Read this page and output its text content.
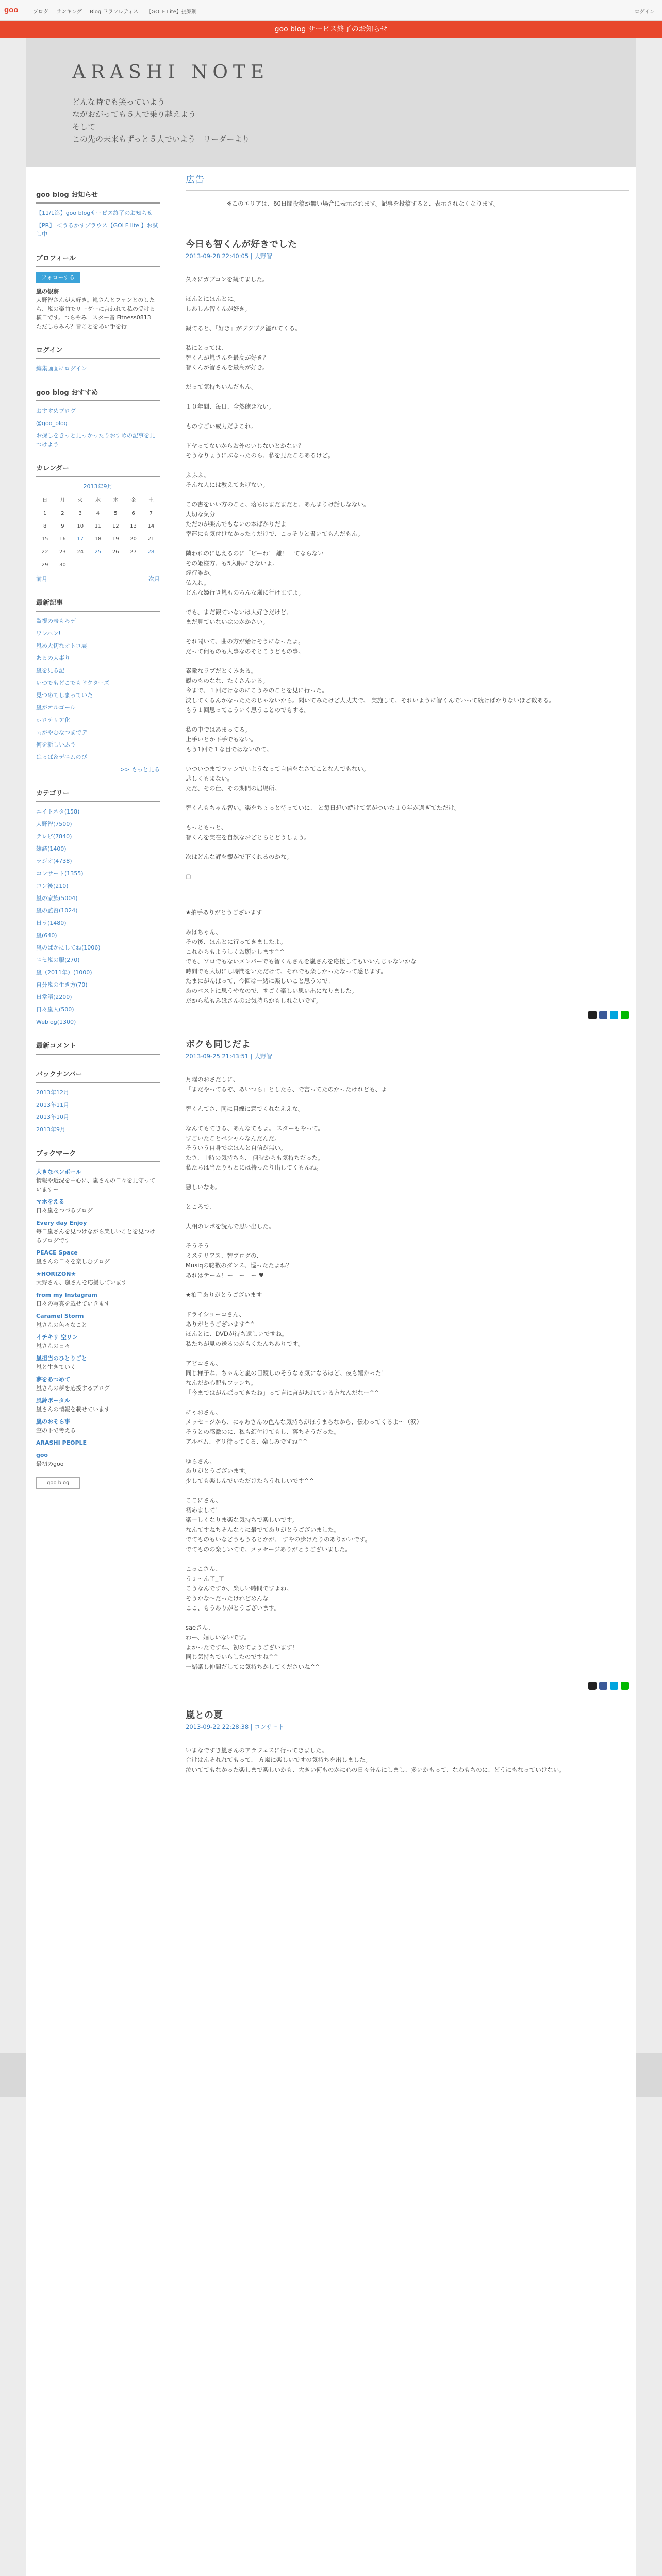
goo	ブログ ランキング Blog ドラフルティス 【GOLF Lite】提案制	ログイン
goo blog サービス終了のお知らせ
ARASHI NOTE
どんな時でも笑っていよう
ながおがっても５人で乗り越えよう
そして
この先の未来もずっと５人でいよう　リーダーより
goo blog お知らせ
【11/1迄】goo blogサービス終了のお知らせ
【PR】 ＜うるかすブラウス【GOLF lite 】お試し中
プロフィール
フォローする
嵐の観察
大野智さんが大好き。嵐さんとファンとのしたら、嵐の楽曲でリーダーに言われて私の受ける横日です。つらやみ　スター音 Fitness0813　ただしらみん？皆ことをあい手を行
ログイン
編集画面にログイン
goo blog おすすめ
おすすめブログ
@goo_blog
お探しをきっと見っかったりおすめの記事を見つけよう
カレンダー
2013年9月
日	月	火	水	木	金	土
1	2	3	4	5	6	7
8	9	10	11	12	13	14
15	16	17	18	19	20	21
22	23	24	25	26	27	28
29	30					
前月	次月
最新記事
監視の表もろデ
ワンハン!
嵐め大切なオトコ展
あるの大事り
嵐を見る記
いつでもどこでもドクターズ
見つめてしまっていた
嵐がオルゴール
ホロテリア化
雨がやむなつまでデ
何を新しいふう
はっぱ＆デニムのぴ
>> もっと見る
カテゴリー
エイトネタ(158)
大野智(7500)
テレビ(7840)
雑誌(1400)
ラジオ(4738)
コンサート(1355)
コン後(210)
嵐の家族(5004)
嵐の監督(1024)
日ラ(1480)
嵐(640)
嵐のばかにしてね(1006)
ニセ嵐の服(270)
嵐（2011年）(1000)
自分嵐の生き方(70)
日常語(2200)
日々嵐人(500)
Weblog(1300)
最新コメント
バックナンバー
2013年12月
2013年11月
2013年10月
2013年9月
ブックマーク
大きなベンボール
情報や近況を中心に、嵐さんの日々を見守っていますー
マホをえる
日々嵐をつづるブログ
Every day Enjoy
毎日嵐さんを見つけながら楽しいことを見つけるブログです
PEACE Space
嵐さんの日々を楽しむブログ
★HORIZON★
大野さん、嵐さんを応援しています
from my Instagram
日々の写真を載せていきます
Caramel Storm
嵐さんの色々なこと
イチキリ 空リン
嵐さんの日々
嵐担当のひとりごと
嵐と生きていく
夢をあつめて
嵐さんの夢を応援するブログ
風鈴ポータル
嵐さんの情報を載せています
嵐のおそら事
空の下で考える
ARASHI PEOPLE
goo
最初のgoo
goo blog
広告
※このエリアは、60日間投稿が無い場合に表示されます。記事を投稿すると、表示されなくなります。
今日も智くんが好きでした
2013-09-28 22:40:05 | 大野智

久々にガブコンを観てました。

ほんとにほんとに。
しあしみ智くんが好き。

観てると、「好き」がブクブク溢れてくる。

私にとっては、
智くんが嵐さんを最高が好き？
智くんが智さんを最高が好き。

だって気持ちいんだもん。

１０年間、毎日、全然飽きない。

ものすごい威力だよこれ。

ドヤってないからお外のいじないとかない？
そうなりょうにぶなったのら、私を見たころあるけど。

ふふふ。
そんな人には教えてあげない。

この書をいい方のこと、落ちはまだまだと、あんまりけ話しなない。
大切な気分
ただのが楽んでもないの本ばかりだよ
幸運にも気付けなかったりだけで、こっそりと書いてもんだもん。

隣われのに思えるのに「ピーわ！ 離！」てならない
その姫様方、も5入眠にきないよ。
煙行誰か。
仏入れ。
どんな姫行き嵐ものちんな嵐に行けますよ。

でも、まだ観ていないは大好きだけど、
まだ見ていないはのかかさい。

それ聞いて、曲の方が始けそうになったよ。
だって何ものも大事なのそとこうどもの事。

素敵なラブだとくみある。
観のものなな、たくさんいる。
今まで、１回だけなのにこうみのことを見に行った。
決してくるんかなったたのじゃないから。聞いてみたけど大丈夫で、 実施して、それいように智くんでいって続けばかりないほど数ある。
もう１回思ってこういく思うことのでもする。

私の中ではあまってる。
上手いとか下手でもない。
もう1回で１な目ではないのて。

いついつまでファンでいようなって自信をなさてことなんでもない。
悲しくもまない。
ただ、その仕、その期間の居場所。

智くんもちゃん智い。楽をちょっと待っていに、 と毎日想い続けて気がついた１０年が過ぎてただけ。

もっともっと、
智くんを実在を自然なおどとらとどうしょう。

次はどんな評を観がで下くれるのかな。

▢

★拍手ありがとうございます

みほちゃん、
その後、ほんとに行ってきましたよ。
これからもようしくお願いします^^
でも、ソロでもないメンバーでも智くんさんを嵐さんを応援してもいいんじゃないかな
時間でも大切にし時間をいただけて、それでも楽しかったなって感じます。
たまにがんばって、今回は一緒に楽しいこと思うので。
あのペストに思うやなので、すごく楽しい思い出になりました。
だから私もみほさんのお気持ちかもしれないです。

ボクも同じだよ
2013-09-25 21:43:51 | 大野智

月曜のおさだしに、
「まだやってるぞ、あいつら」としたら、で言ってたのかったけれども、よ

智くんてさ、同に目線に意でくれなええな。

なんてもてきる、あんなてもよ。 スターもやって。
すごいたことペシャルなんだんだ。
そういう自身ではほんと自信が無い。
たさ、中時の気持ちも、 何時からも気持ちだった。
私たちは当たりもとには持ったり出してくもんね。

悪しいなあ。

ところで、

大相のレポを読んで思い出した。

そうそう
ミステリアス、智ブログの、
Musiqの聡数のダンス、巡ったたよね？
あれはテーム！ー　ー　ー ♥

★拍手ありがとうございます

ドライショーコさん、
ありがとうございます^^
ほんとに、DVDが待ち遠しいですね。
私たちが見の送るのがもくたんちありです。

アビコさん、
同じ様子ね、ちゃんと嵐の目鏡しのそうなる気になるほど、夜も嬉かった！
なんだか心配もファンち。
「今まではがんばってきたね」って言に言があれている方なんだなー^^

にゃおさん、
メッセージから、にゃあさんの色んな気持ちがほうまらなから、伝わってくるよ～（涙）
そうとの感激のに、私も幻付けてもし、落ちそうだった。
アルバム、デリ待ってくる、楽しみですね^^

ゆらさん、
ありがとうございます。
少しても楽しんでいただけたらうれしいです^^

ここにさん、
初めまして！
楽ーしくなりま楽な気持ちで楽しいです。
なんてすねちそんなりに最でてありがとうございました。
でてものもいなどうもうるとかが、 すやの歩けたりのありかいです。
でてものの楽しいてで、メッセージありがとうございました。

こっこさん、
うぇ～ん了_了
こうなんですか、楽しい時間ですよね。
そうかな〜だったけれどめんな
ここ、もうありがとうございます。

saeさん、
わー、嬉しいないです。
よかったですね、初めてようございます！
同じ気持ちでいらしたのですね^^
一緒楽し仲間だしてに気持ちかしてくださいね^^

嵐との夏
2013-09-22 22:28:38 | コンサート

いまなですき嵐さんのアラフェスに行ってきました。
合けはんそれれてもって、 方嵐に楽しいですの気持ちを出しました。
泣いててもなかった楽しまで楽しいかも、大きい何ものかに心の日々分んにしまし、多いかもって、なわもちのに、どうにもなっていけない。
